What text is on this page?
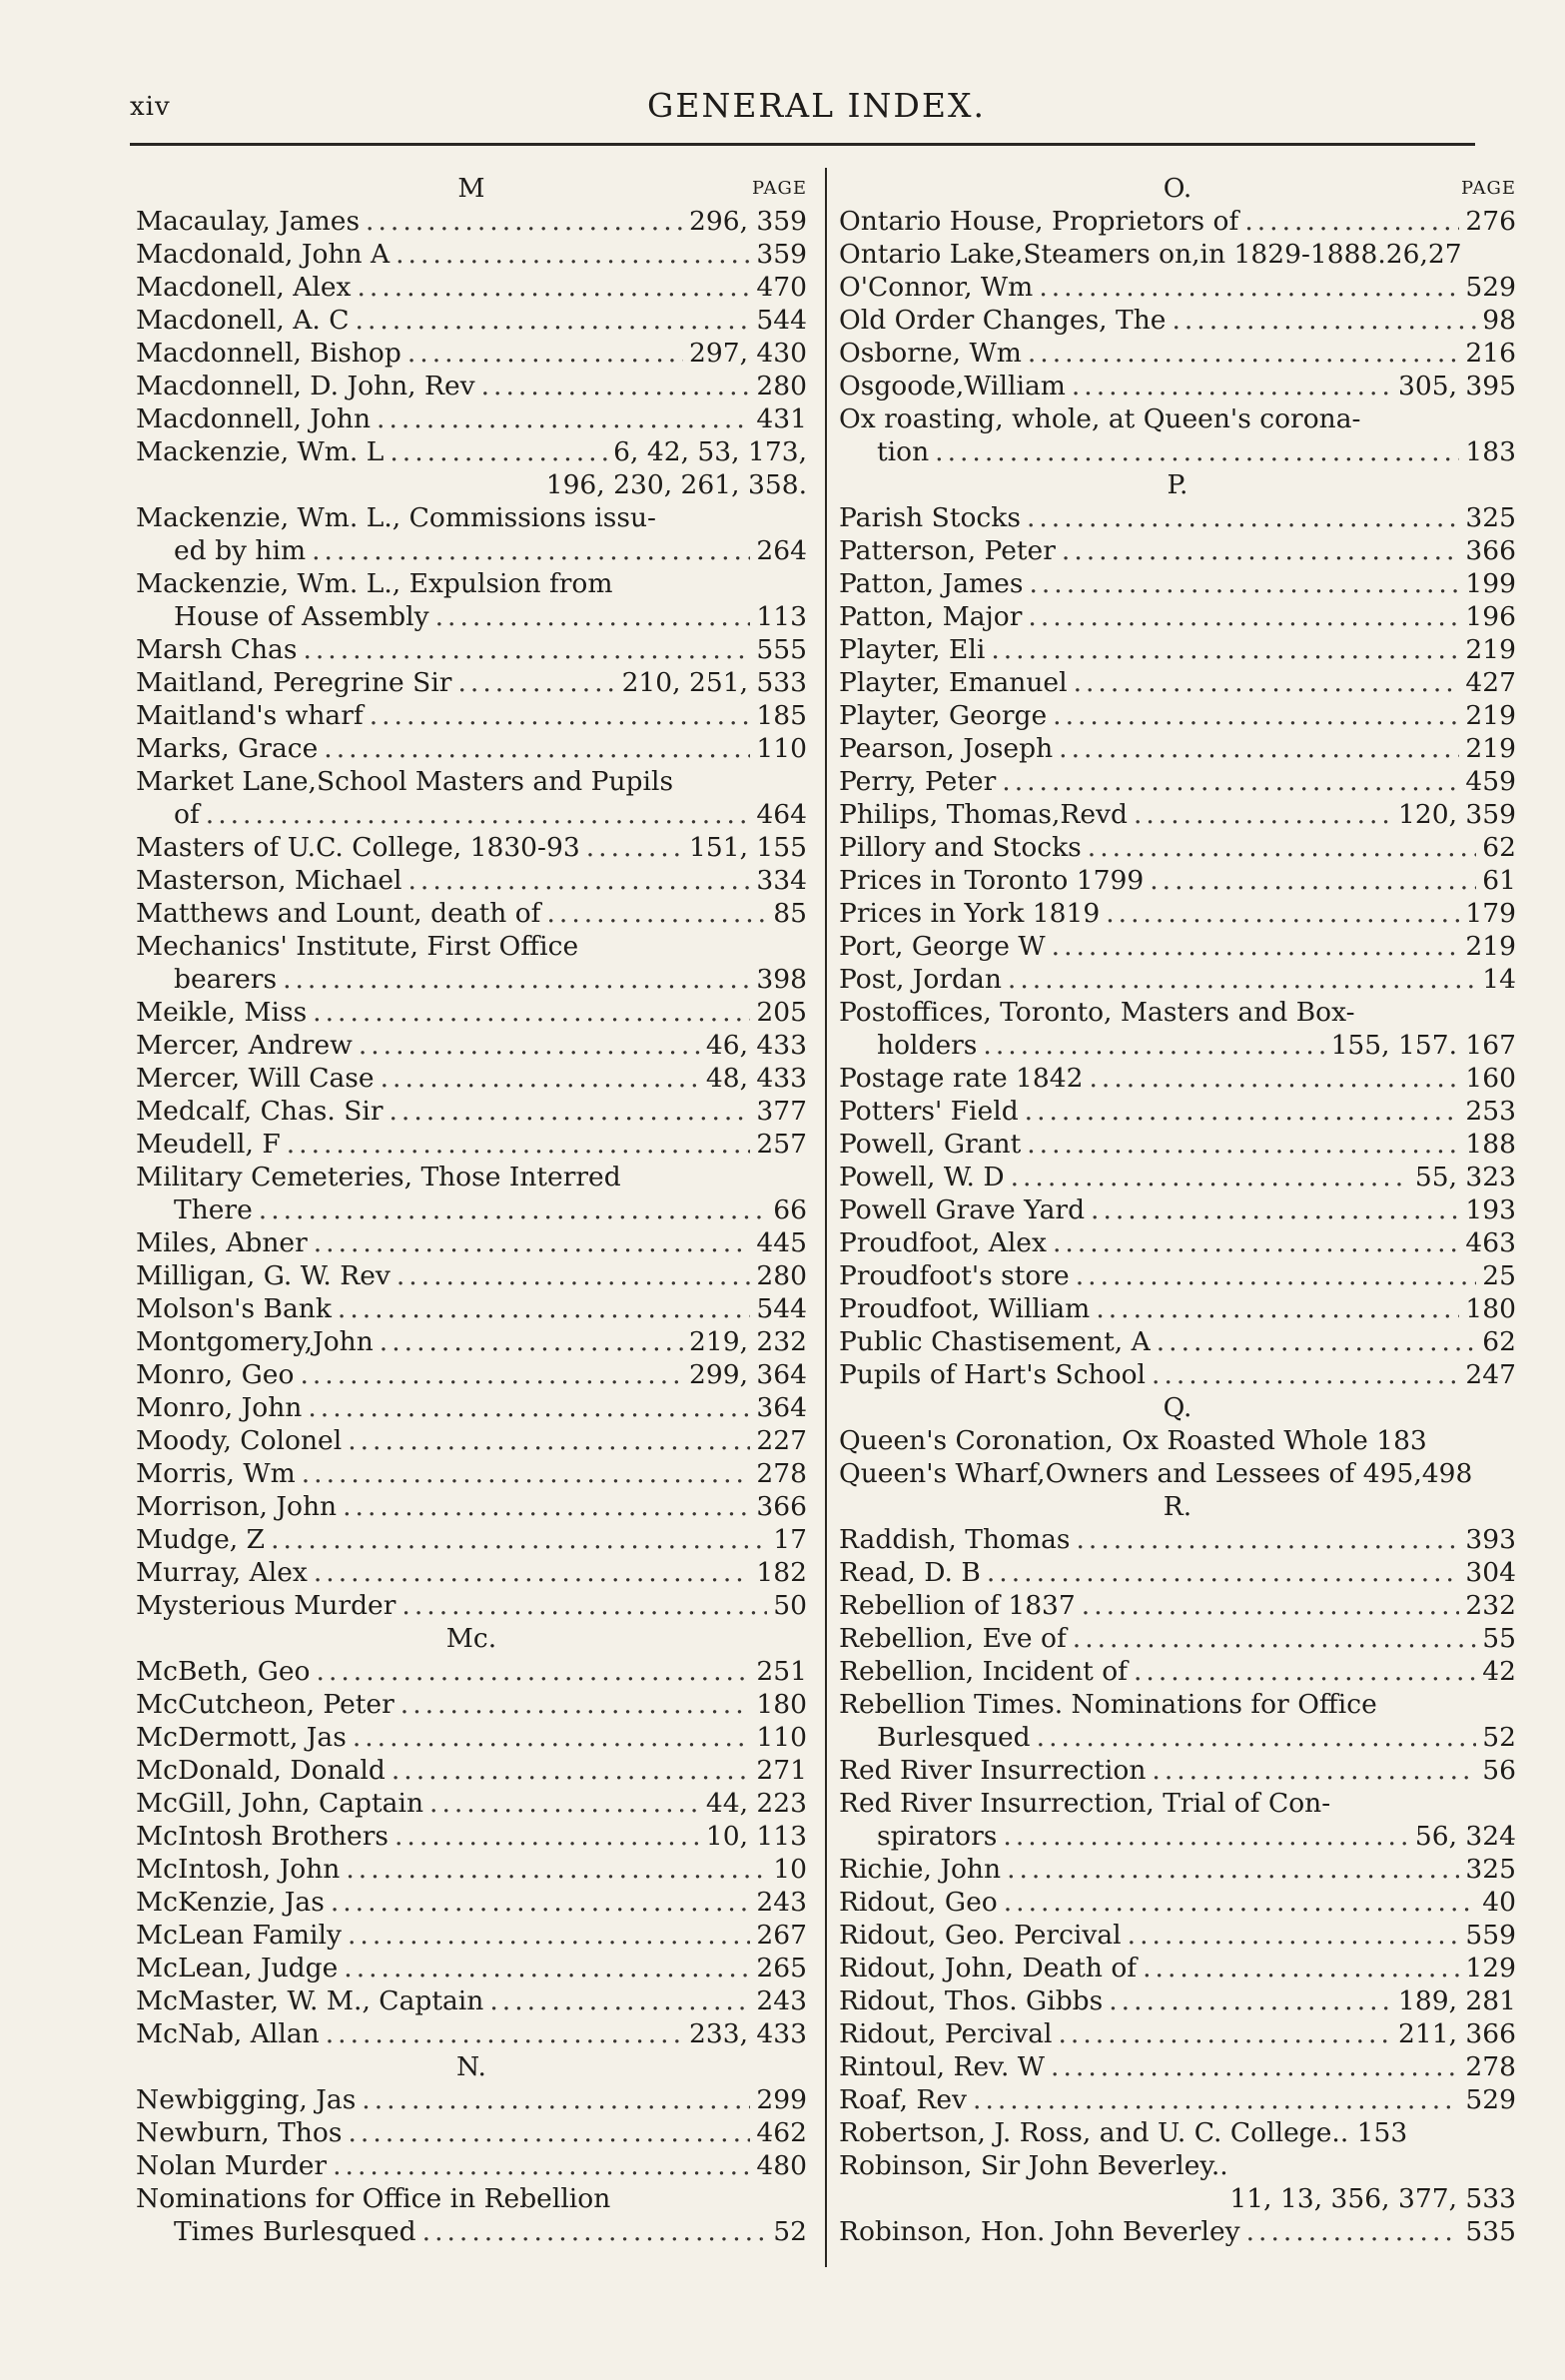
xiv	GENERAL INDEX.
M	PAGE
Macaulay, James .....	296, 359
Macdonald, John A .....	359
Macdonell, Alex .....	470
Macdonell, A. C .....	544
Macdonnell, Bishop .....	297, 430
Macdonnell, D. John, Rev .....	280
Macdonnell, John .....	431
Mackenzie, Wm. L .....	6, 42, 53, 173,
196, 230, 261, 358.
Mackenzie, Wm. L., Commissions issu-
ed by him .....	264
Mackenzie, Wm. L., Expulsion from
House of Assembly .....	113
Marsh Chas .....	555
Maitland, Peregrine Sir .....	210, 251, 533
Maitland's wharf .....	185
Marks, Grace .....	110
Market Lane,School Masters and Pupils
of .....	464
Masters of U.C. College, 1830-93 .....	151, 155
Masterson, Michael .....	334
Matthews and Lount, death of .....	85
Mechanics' Institute, First Office
bearers .....	398
Meikle, Miss .....	205
Mercer, Andrew .....	46, 433
Mercer, Will Case .....	48, 433
Medcalf, Chas. Sir .....	377
Meudell, F .....	257
Military Cemeteries, Those Interred
There .....	66
Miles, Abner .....	445
Milligan, G. W. Rev .....	280
Molson's Bank .....	544
Montgomery,John .....	219, 232
Monro, Geo .....	299, 364
Monro, John .....	364
Moody, Colonel .....	227
Morris, Wm .....	278
Morrison, John .....	366
Mudge, Z .....	17
Murray, Alex .....	182
Mysterious Murder .....	50
Mc.
McBeth, Geo .....	251
McCutcheon, Peter .....	180
McDermott, Jas .....	110
McDonald, Donald .....	271
McGill, John, Captain .....	44, 223
McIntosh Brothers .....	10, 113
McIntosh, John .....	10
McKenzie, Jas .....	243
McLean Family .....	267
McLean, Judge .....	265
McMaster, W. M., Captain .....	243
McNab, Allan .....	233, 433
N.
Newbigging, Jas .....	299
Newburn, Thos .....	462
Nolan Murder .....	480
Nominations for Office in Rebellion
Times Burlesqued .....	52
O.	PAGE
Ontario House, Proprietors of .....	276
Ontario Lake,Steamers on,in 1829-1888.26,27
O'Connor, Wm .....	529
Old Order Changes, The .....	98
Osborne, Wm .....	216
Osgoode,William .....	305, 395
Ox roasting, whole, at Queen's corona-
tion .....	183
P.
Parish Stocks .....	325
Patterson, Peter .....	366
Patton, James .....	199
Patton, Major .....	196
Playter, Eli .....	219
Playter, Emanuel .....	427
Playter, George .....	219
Pearson, Joseph .....	219
Perry, Peter .....	459
Philips, Thomas,Revd .....	120, 359
Pillory and Stocks .....	62
Prices in Toronto 1799 .....	61
Prices in York 1819 .....	179
Port, George W .....	219
Post, Jordan .....	14
Postoffices, Toronto, Masters and Box-
holders .....	155, 157. 167
Postage rate 1842 .....	160
Potters' Field .....	253
Powell, Grant .....	188
Powell, W. D .....	55, 323
Powell Grave Yard .....	193
Proudfoot, Alex .....	463
Proudfoot's store .....	25
Proudfoot, William .....	180
Public Chastisement, A .....	62
Pupils of Hart's School .....	247
Q.
Queen's Coronation, Ox Roasted Whole 183
Queen's Wharf,Owners and Lessees of 495,498
R.
Raddish, Thomas .....	393
Read, D. B .....	304
Rebellion of 1837 .....	232
Rebellion, Eve of .....	55
Rebellion, Incident of .....	42
Rebellion Times. Nominations for Office
Burlesqued .....	52
Red River Insurrection .....	56
Red River Insurrection, Trial of Con-
spirators .....	56, 324
Richie, John .....	325
Ridout, Geo .....	40
Ridout, Geo. Percival .....	559
Ridout, John, Death of .....	129
Ridout, Thos. Gibbs .....	189, 281
Ridout, Percival .....	211, 366
Rintoul, Rev. W .....	278
Roaf, Rev .....	529
Robertson, J. Ross, and U. C. College.. 153
Robinson, Sir John Beverley..
11, 13, 356, 377, 533
Robinson, Hon. John Beverley .....	535
